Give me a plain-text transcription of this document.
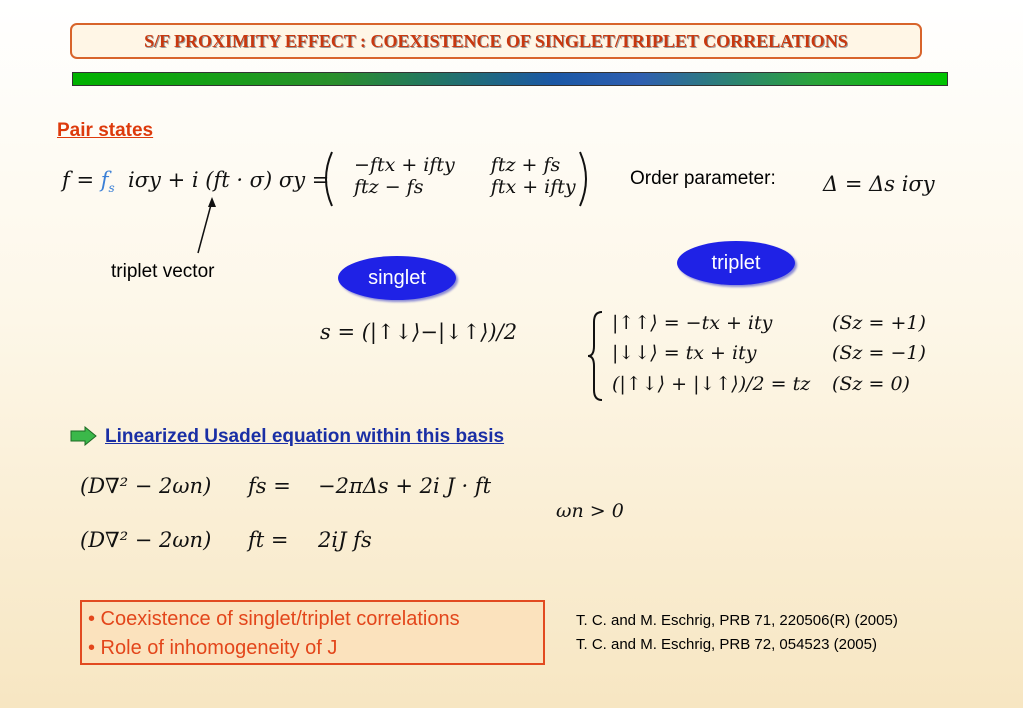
S/F PROXIMITY EFFECT : COEXISTENCE OF SINGLET/TRIPLET CORRELATIONS
Pair states
$f = f_s$ iσy + i (ft · σ) σy =
−ftx + ifty	ftz + fs
ftz − fs	ftx + ifty	Order parameter: Δ = Δs iσy
triplet vector	singlet
triplet
s = (|↑↓⟩−|↓↑⟩)/2	|↑↑⟩ = −tx + ity	(Sz = +1)
|↓↓⟩ = tx + ity	(Sz = −1)
(|↑↓⟩ + |↓↑⟩)/2 = tz (Sz = 0)
Linearized Usadel equation within this basis
(D∇² − 2ωn) fs = −2πΔs + 2i J · ft
(D∇² − 2ωn) ft = 2iJ fs
ωn > 0
• Coexistence of singlet/triplet correlations
• Role of inhomogeneity of J
T. C. and M. Eschrig, PRB 71, 220506(R) (2005)
T. C. and M. Eschrig, PRB 72, 054523 (2005)
